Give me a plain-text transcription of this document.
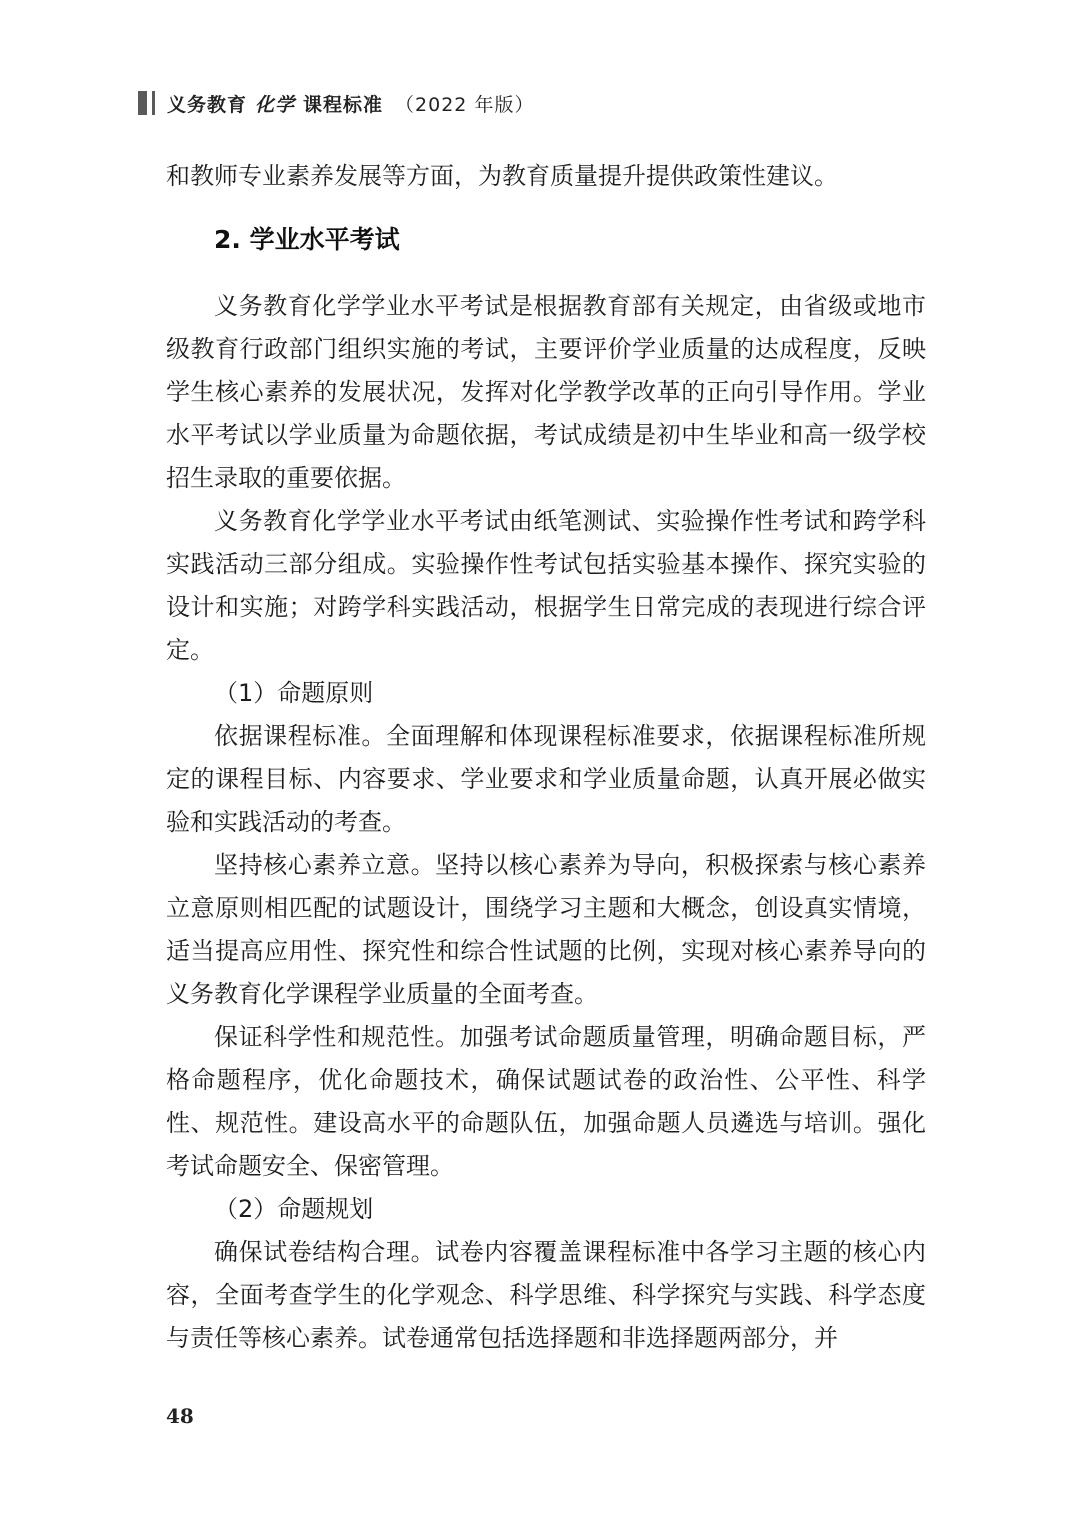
义务教育 化学 课程标准 （2022 年版）

和教师专业素养发展等方面，为教育质量提升提供政策性建议。

2. 学业水平考试

义务教育化学学业水平考试是根据教育部有关规定，由省级或地市级教育行政部门组织实施的考试，主要评价学业质量的达成程度，反映学生核心素养的发展状况，发挥对化学教学改革的正向引导作用。学业水平考试以学业质量为命题依据，考试成绩是初中生毕业和高一级学校招生录取的重要依据。

义务教育化学学业水平考试由纸笔测试、实验操作性考试和跨学科实践活动三部分组成。实验操作性考试包括实验基本操作、探究实验的设计和实施；对跨学科实践活动，根据学生日常完成的表现进行综合评定。

（1）命题原则

依据课程标准。全面理解和体现课程标准要求，依据课程标准所规定的课程目标、内容要求、学业要求和学业质量命题，认真开展必做实验和实践活动的考查。

坚持核心素养立意。坚持以核心素养为导向，积极探索与核心素养立意原则相匹配的试题设计，围绕学习主题和大概念，创设真实情境，适当提高应用性、探究性和综合性试题的比例，实现对核心素养导向的义务教育化学课程学业质量的全面考查。

保证科学性和规范性。加强考试命题质量管理，明确命题目标，严格命题程序，优化命题技术，确保试题试卷的政治性、公平性、科学性、规范性。建设高水平的命题队伍，加强命题人员遴选与培训。强化考试命题安全、保密管理。

（2）命题规划

确保试卷结构合理。试卷内容覆盖课程标准中各学习主题的核心内容，全面考查学生的化学观念、科学思维、科学探究与实践、科学态度与责任等核心素养。试卷通常包括选择题和非选择题两部分，并

48
